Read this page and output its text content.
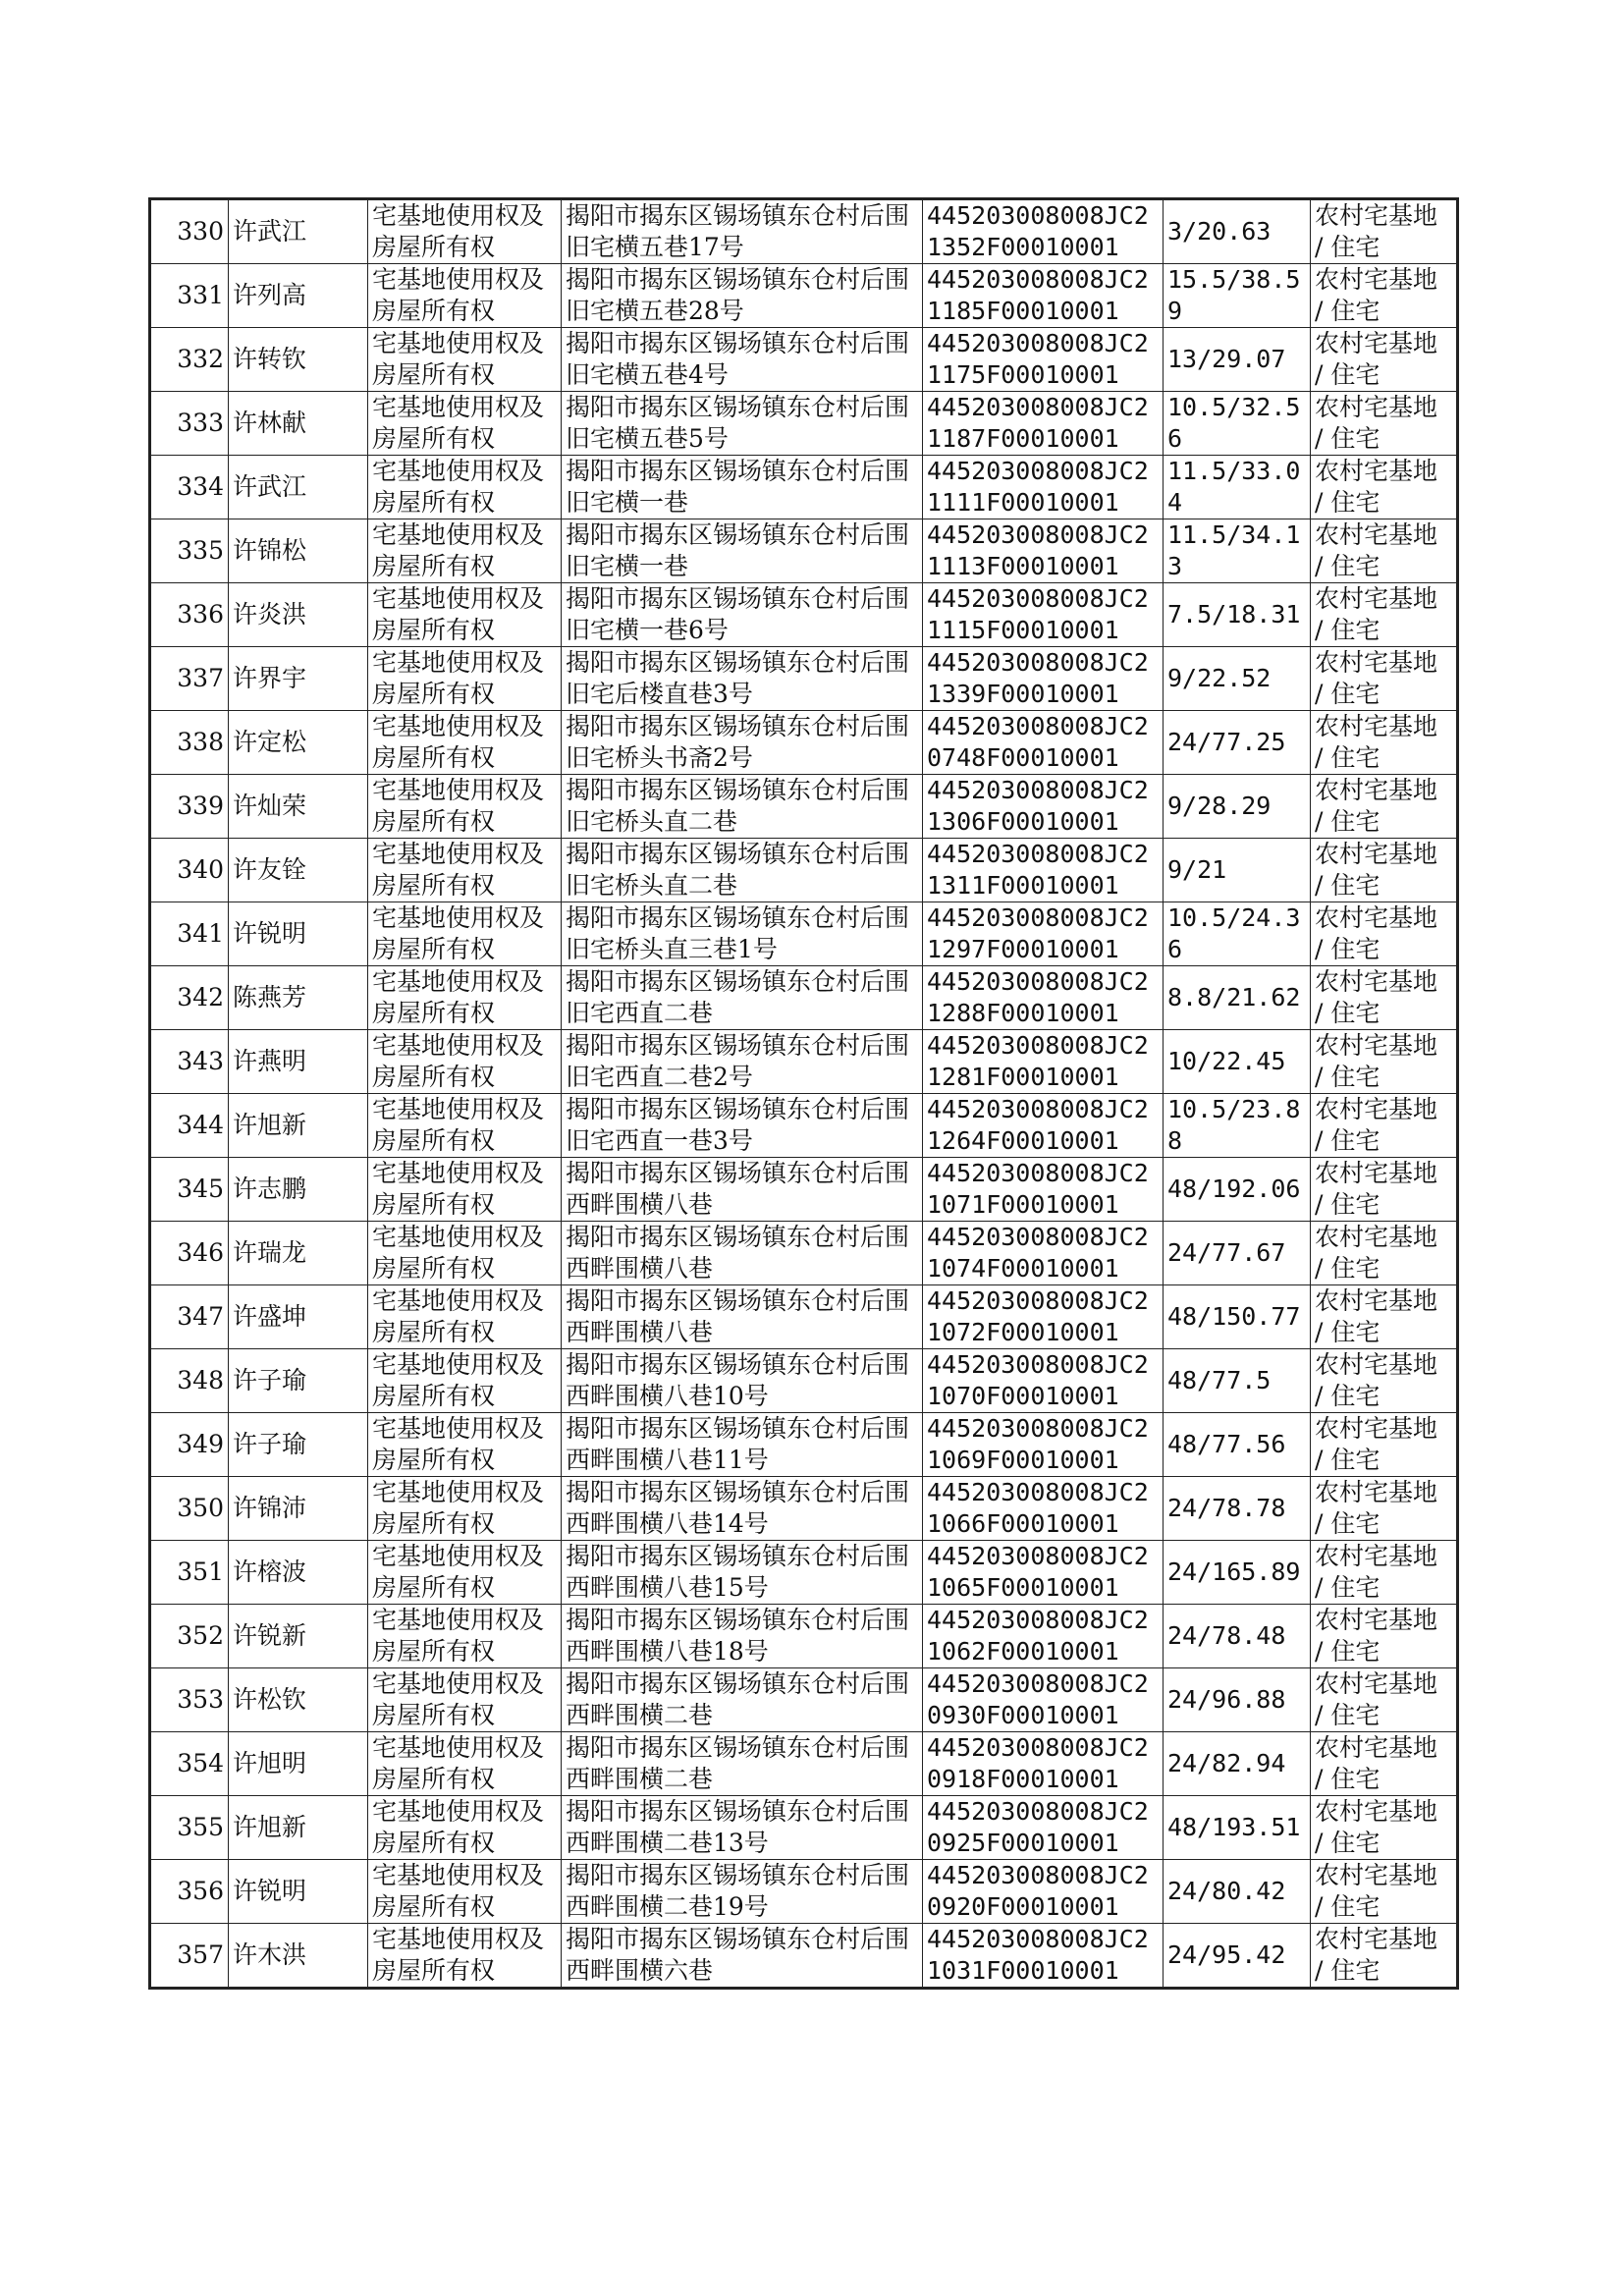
330	许武江	宅基地使用权及房屋所有权	揭阳市揭东区锡场镇东仓村后围旧宅横五巷17号	445203008008JC21352F00010001	3/20.63	农村宅基地 / 住宅
331	许列高	宅基地使用权及房屋所有权	揭阳市揭东区锡场镇东仓村后围旧宅横五巷28号	445203008008JC21185F00010001	15.5/38.59	农村宅基地 / 住宅
332	许转钦	宅基地使用权及房屋所有权	揭阳市揭东区锡场镇东仓村后围旧宅横五巷4号	445203008008JC21175F00010001	13/29.07	农村宅基地 / 住宅
333	许林献	宅基地使用权及房屋所有权	揭阳市揭东区锡场镇东仓村后围旧宅横五巷5号	445203008008JC21187F00010001	10.5/32.56	农村宅基地 / 住宅
334	许武江	宅基地使用权及房屋所有权	揭阳市揭东区锡场镇东仓村后围旧宅横一巷	445203008008JC21111F00010001	11.5/33.04	农村宅基地 / 住宅
335	许锦松	宅基地使用权及房屋所有权	揭阳市揭东区锡场镇东仓村后围旧宅横一巷	445203008008JC21113F00010001	11.5/34.13	农村宅基地 / 住宅
336	许炎洪	宅基地使用权及房屋所有权	揭阳市揭东区锡场镇东仓村后围旧宅横一巷6号	445203008008JC21115F00010001	7.5/18.31	农村宅基地 / 住宅
337	许界宇	宅基地使用权及房屋所有权	揭阳市揭东区锡场镇东仓村后围旧宅后楼直巷3号	445203008008JC21339F00010001	9/22.52	农村宅基地 / 住宅
338	许定松	宅基地使用权及房屋所有权	揭阳市揭东区锡场镇东仓村后围旧宅桥头书斋2号	445203008008JC20748F00010001	24/77.25	农村宅基地 / 住宅
339	许灿荣	宅基地使用权及房屋所有权	揭阳市揭东区锡场镇东仓村后围旧宅桥头直二巷	445203008008JC21306F00010001	9/28.29	农村宅基地 / 住宅
340	许友铨	宅基地使用权及房屋所有权	揭阳市揭东区锡场镇东仓村后围旧宅桥头直二巷	445203008008JC21311F00010001	9/21	农村宅基地 / 住宅
341	许锐明	宅基地使用权及房屋所有权	揭阳市揭东区锡场镇东仓村后围旧宅桥头直三巷1号	445203008008JC21297F00010001	10.5/24.36	农村宅基地 / 住宅
342	陈燕芳	宅基地使用权及房屋所有权	揭阳市揭东区锡场镇东仓村后围旧宅西直二巷	445203008008JC21288F00010001	8.8/21.62	农村宅基地 / 住宅
343	许燕明	宅基地使用权及房屋所有权	揭阳市揭东区锡场镇东仓村后围旧宅西直二巷2号	445203008008JC21281F00010001	10/22.45	农村宅基地 / 住宅
344	许旭新	宅基地使用权及房屋所有权	揭阳市揭东区锡场镇东仓村后围旧宅西直一巷3号	445203008008JC21264F00010001	10.5/23.88	农村宅基地 / 住宅
345	许志鹏	宅基地使用权及房屋所有权	揭阳市揭东区锡场镇东仓村后围西畔围横八巷	445203008008JC21071F00010001	48/192.06	农村宅基地 / 住宅
346	许瑞龙	宅基地使用权及房屋所有权	揭阳市揭东区锡场镇东仓村后围西畔围横八巷	445203008008JC21074F00010001	24/77.67	农村宅基地 / 住宅
347	许盛坤	宅基地使用权及房屋所有权	揭阳市揭东区锡场镇东仓村后围西畔围横八巷	445203008008JC21072F00010001	48/150.77	农村宅基地 / 住宅
348	许子瑜	宅基地使用权及房屋所有权	揭阳市揭东区锡场镇东仓村后围西畔围横八巷10号	445203008008JC21070F00010001	48/77.5	农村宅基地 / 住宅
349	许子瑜	宅基地使用权及房屋所有权	揭阳市揭东区锡场镇东仓村后围西畔围横八巷11号	445203008008JC21069F00010001	48/77.56	农村宅基地 / 住宅
350	许锦沛	宅基地使用权及房屋所有权	揭阳市揭东区锡场镇东仓村后围西畔围横八巷14号	445203008008JC21066F00010001	24/78.78	农村宅基地 / 住宅
351	许榕波	宅基地使用权及房屋所有权	揭阳市揭东区锡场镇东仓村后围西畔围横八巷15号	445203008008JC21065F00010001	24/165.89	农村宅基地 / 住宅
352	许锐新	宅基地使用权及房屋所有权	揭阳市揭东区锡场镇东仓村后围西畔围横八巷18号	445203008008JC21062F00010001	24/78.48	农村宅基地 / 住宅
353	许松钦	宅基地使用权及房屋所有权	揭阳市揭东区锡场镇东仓村后围西畔围横二巷	445203008008JC20930F00010001	24/96.88	农村宅基地 / 住宅
354	许旭明	宅基地使用权及房屋所有权	揭阳市揭东区锡场镇东仓村后围西畔围横二巷	445203008008JC20918F00010001	24/82.94	农村宅基地 / 住宅
355	许旭新	宅基地使用权及房屋所有权	揭阳市揭东区锡场镇东仓村后围西畔围横二巷13号	445203008008JC20925F00010001	48/193.51	农村宅基地 / 住宅
356	许锐明	宅基地使用权及房屋所有权	揭阳市揭东区锡场镇东仓村后围西畔围横二巷19号	445203008008JC20920F00010001	24/80.42	农村宅基地 / 住宅
357	许木洪	宅基地使用权及房屋所有权	揭阳市揭东区锡场镇东仓村后围西畔围横六巷	445203008008JC21031F00010001	24/95.42	农村宅基地 / 住宅
